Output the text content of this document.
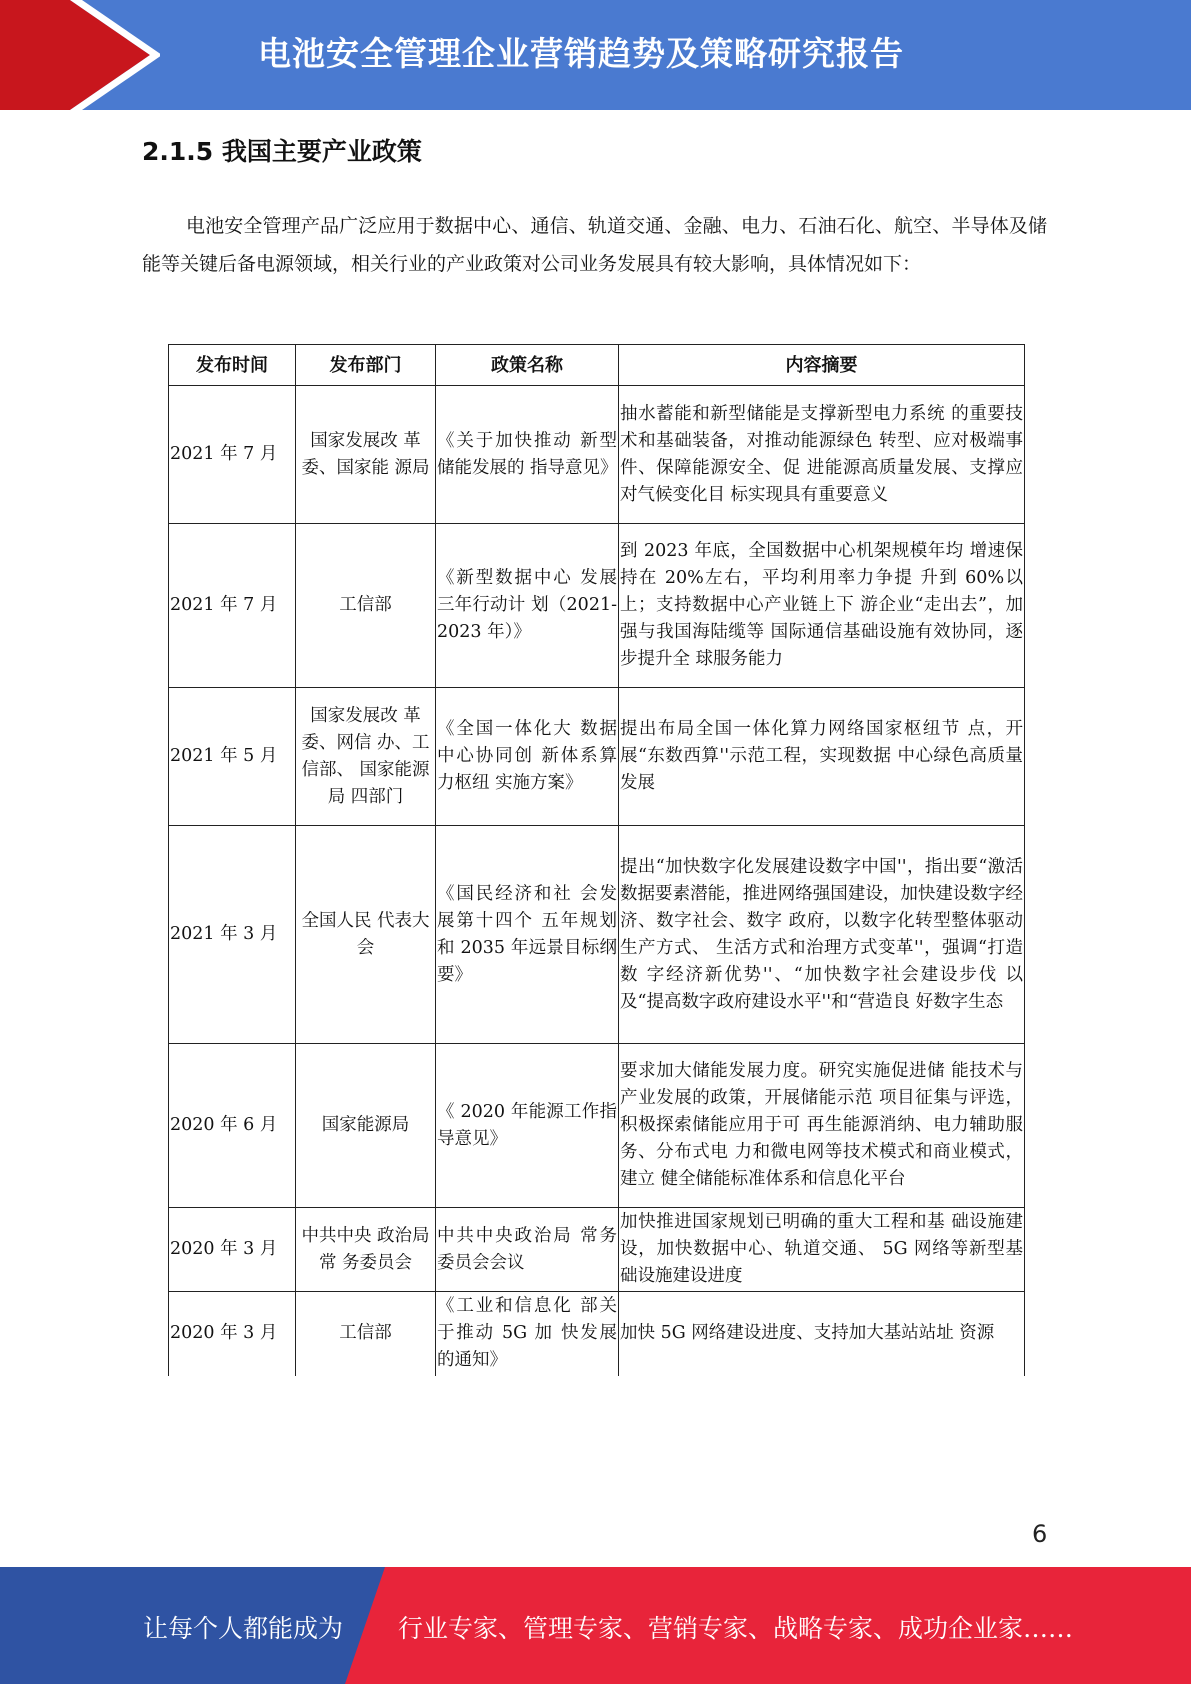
电池安全管理企业营销趋势及策略研究报告
2.1.5 我国主要产业政策

电池安全管理产品广泛应用于数据中心、通信、轨道交通、金融、电力、石油石化、航空、半导体及储能等关键后备电源领域，相关行业的产业政策对公司业务发展具有较大影响，具体情况如下：

发布时间	发布部门	政策名称	内容摘要
2021 年 7 月	国家发展改 革委、国家能 源局	《关于加快推动 新型储能发展的 指导意见》	抽水蓄能和新型储能是支撑新型电力系统 的重要技术和基础装备，对推动能源绿色 转型、应对极端事件、保障能源安全、促 进能源高质量发展、支撑应对气候变化目 标实现具有重要意义
2021 年 7 月	工信部	《新型数据中心 发展三年行动计 划（2021-2023 年）》	到 2023 年底，全国数据中心机架规模年均 增速保持在 20%左右，平均利用率力争提 升到 60%以上；支持数据中心产业链上下 游企业“走出去”，加强与我国海陆缆等 国际通信基础设施有效协同，逐步提升全 球服务能力
2021 年 5 月	国家发展改 革委、网信 办、工信部、 国家能源局 四部门	《全国一体化大 数据中心协同创 新体系算力枢纽 实施方案》	提出布局全国一体化算力网络国家枢纽节 点，开展“东数西算''示范工程，实现数据 中心绿色高质量发展
2021 年 3 月	全国人民 代表大会	《国民经济和社 会发展第十四个 五年规划和 2035 年远景目标纲要》	提出“加快数字化发展建设数字中国''，指出要“激活数据要素潜能，推进网络强国建设，加快建设数字经济、数字社会、数字 政府，以数字化转型整体驱动生产方式、 生活方式和治理方式变革''，强调“打造数 字经济新优势''、“加快数字社会建设步伐 以及“提高数字政府建设水平''和“营造良 好数字生态
2020 年 6 月	国家能源局	《 2020 年能源工作指导意见》	要求加大储能发展力度。研究实施促进储 能技术与产业发展的政策，开展储能示范 项目征集与评选，积极探索储能应用于可 再生能源消纳、电力辅助服务、分布式电 力和微电网等技术模式和商业模式，建立 健全储能标准体系和信息化平台
2020 年 3 月	中共中央 政治局常 务委员会	中共中央政治局 常务委员会会议	加快推进国家规划已明确的重大工程和基 础设施建设，加快数据中心、轨道交通、 5G 网络等新型基础设施建设进度
2020 年 3 月	工信部	《工业和信息化 部关于推动 5G 加 快发展的通知》	加快 5G 网络建设进度、支持加大基站站址 资源
6
让每个人都能成为 行业专家、管理专家、营销专家、战略专家、成功企业家……
